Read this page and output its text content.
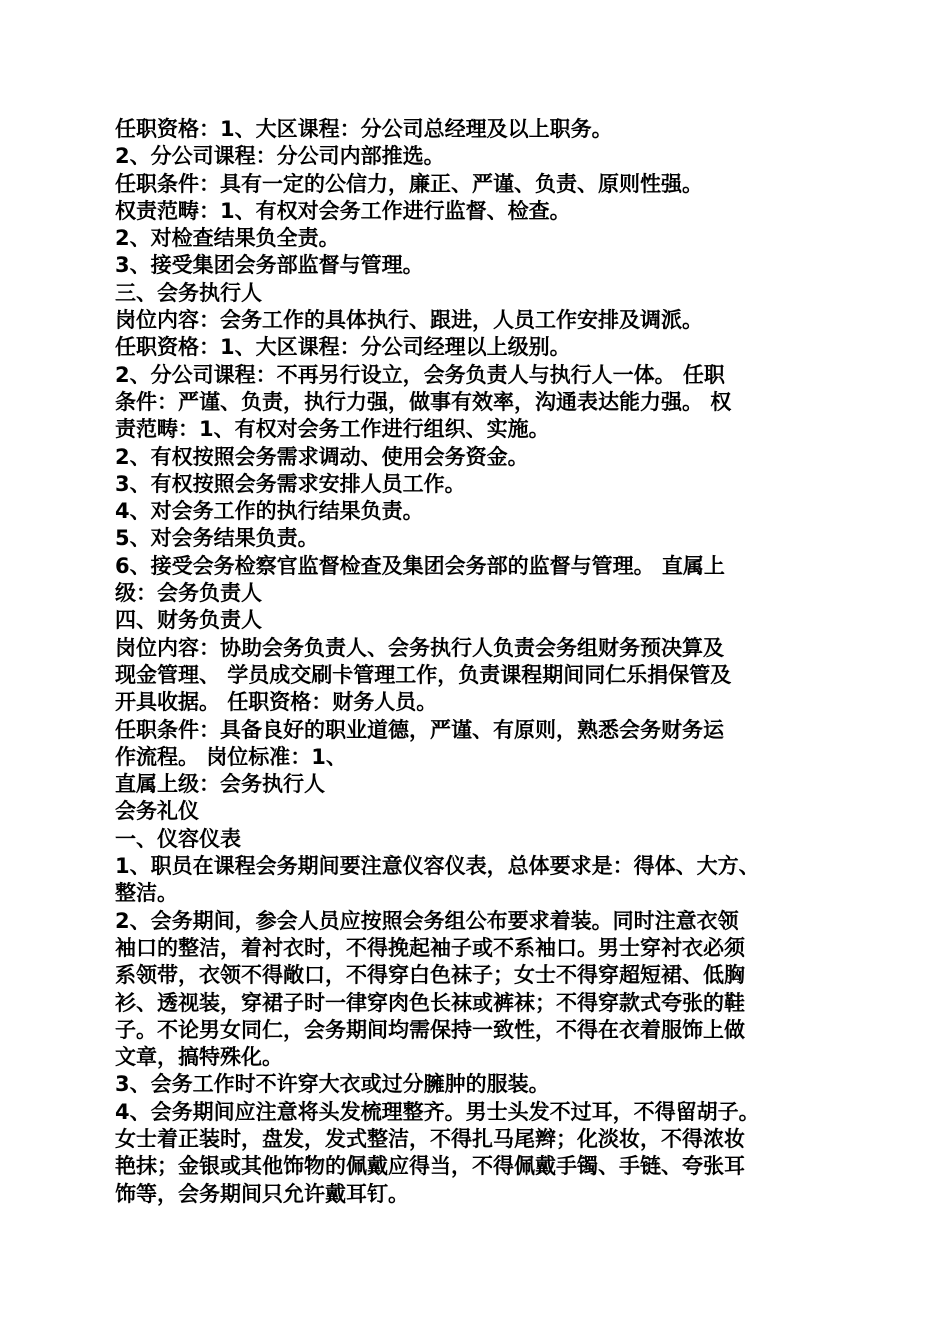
任职资格：1、大区课程：分公司总经理及以上职务。
2、分公司课程：分公司内部推选。
任职条件：具有一定的公信力，廉正、严谨、负责、原则性强。
权责范畴：1、有权对会务工作进行监督、检查。
2、对检查结果负全责。
3、接受集团会务部监督与管理。
三、会务执行人
岗位内容：会务工作的具体执行、跟进，人员工作安排及调派。
任职资格：1、大区课程：分公司经理以上级别。
2、分公司课程：不再另行设立，会务负责人与执行人一体。 任职
条件：严谨、负责，执行力强，做事有效率，沟通表达能力强。 权
责范畴：1、有权对会务工作进行组织、实施。
2、有权按照会务需求调动、使用会务资金。
3、有权按照会务需求安排人员工作。
4、对会务工作的执行结果负责。
5、对会务结果负责。
6、接受会务检察官监督检查及集团会务部的监督与管理。 直属上
级：会务负责人
四、财务负责人
岗位内容：协助会务负责人、会务执行人负责会务组财务预决算及
现金管理、 学员成交刷卡管理工作，负责课程期间同仁乐捐保管及
开具收据。 任职资格：财务人员。
任职条件：具备良好的职业道德，严谨、有原则，熟悉会务财务运
作流程。 岗位标准：1、
直属上级：会务执行人
会务礼仪
一、仪容仪表
1、职员在课程会务期间要注意仪容仪表，总体要求是：得体、大方、
整洁。
2、会务期间，参会人员应按照会务组公布要求着装。同时注意衣领
袖口的整洁，着衬衣时，不得挽起袖子或不系袖口。男士穿衬衣必须
系领带，衣领不得敞口，不得穿白色袜子；女士不得穿超短裙、低胸
衫、透视装，穿裙子时一律穿肉色长袜或裤袜；不得穿款式夸张的鞋
子。不论男女同仁，会务期间均需保持一致性，不得在衣着服饰上做
文章，搞特殊化。
3、会务工作时不许穿大衣或过分臃肿的服装。
4、会务期间应注意将头发梳理整齐。男士头发不过耳，不得留胡子。
女士着正装时，盘发，发式整洁，不得扎马尾辫；化淡妆，不得浓妆
艳抹；金银或其他饰物的佩戴应得当，不得佩戴手镯、手链、夸张耳
饰等，会务期间只允许戴耳钉。
